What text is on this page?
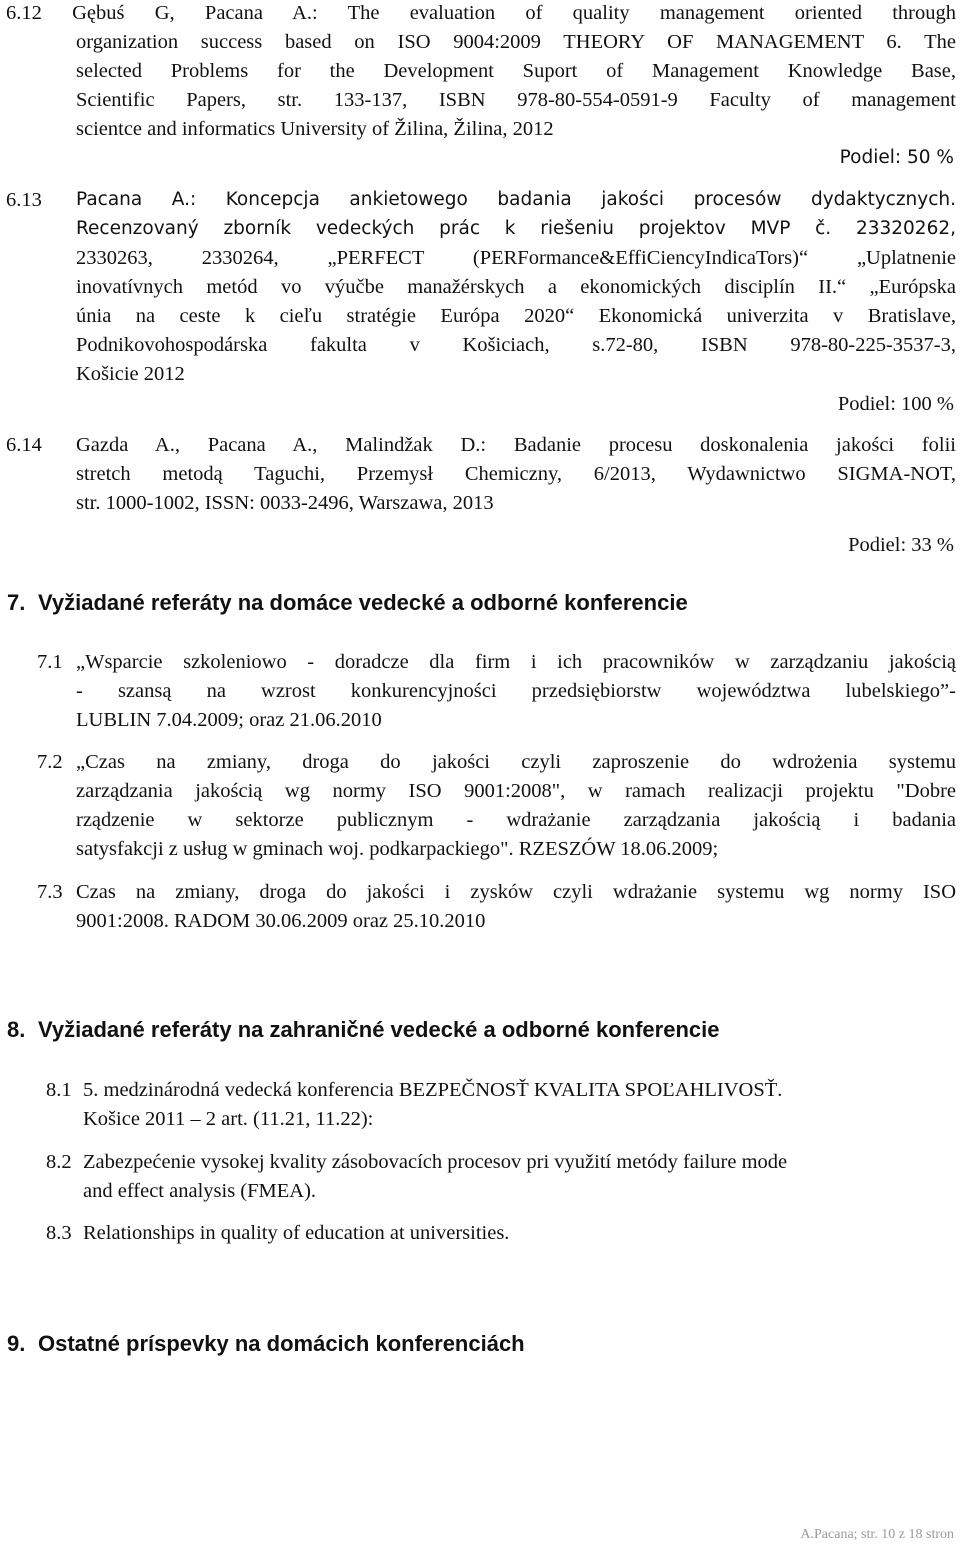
6.12 Gębuś G, Pacana A.: The evaluation of quality management oriented through
organization success based on ISO 9004:2009 THEORY OF MANAGEMENT 6. The
selected Problems for the Development Suport of Management Knowledge Base,
Scientific Papers, str. 133-137, ISBN 978-80-554-0591-9 Faculty of management
scientce and informatics University of Žilina, Žilina, 2012
Podiel: 50 %
6.13 Pacana A.: Koncepcja ankietowego badania jakości procesów dydaktycznych.
Recenzovaný zborník vedeckých prác k riešeniu projektov MVP č. 23320262,
2330263, 2330264, „PERFECT (PERFormance&EffiCiencyIndicaTors)“ „Uplatnenie
inovatívnych metód vo výučbe manažérskych a ekonomických disciplín II.“ „Európska
únia na ceste k cieľu stratégie Európa 2020“ Ekonomická univerzita v Bratislave,
Podnikovohospodárska fakulta v Košiciach, s.72-80, ISBN 978-80-225-3537-3,
Košicie 2012
Podiel: 100 %
6.14 Gazda A., Pacana A., Malindžak D.: Badanie procesu doskonalenia jakości folii
stretch metodą Taguchi, Przemysł Chemiczny, 6/2013, Wydawnictwo SIGMA-NOT,
str. 1000-1002, ISSN: 0033-2496, Warszawa, 2013
Podiel: 33 %
7. Vyžiadané referáty na domáce vedecké a odborné konferencie
7.1 „Wsparcie szkoleniowo - doradcze dla firm i ich pracowników w zarządzaniu jakością
- szansą na wzrost konkurencyjności przedsiębiorstw województwa lubelskiego”-
LUBLIN 7.04.2009; oraz 21.06.2010
7.2 „Czas na zmiany, droga do jakości czyli zaproszenie do wdrożenia systemu
zarządzania jakością wg normy ISO 9001:2008", w ramach realizacji projektu "Dobre
rządzenie w sektorze publicznym - wdrażanie zarządzania jakością i badania
satysfakcji z usług w gminach woj. podkarpackiego". RZESZÓW 18.06.2009;
7.3 Czas na zmiany, droga do jakości i zysków czyli wdrażanie systemu wg normy ISO
9001:2008. RADOM 30.06.2009 oraz 25.10.2010
8. Vyžiadané referáty na zahraničné vedecké a odborné konferencie
8.1 5. medzinárodná vedecká konferencia BEZPEČNOSŤ KVALITA SPOĽAHLIVOSŤ.
Košice 2011 – 2 art. (11.21, 11.22):
8.2 Zabezpećenie vysokej kvality zásobovacích procesov pri využití metódy failure mode
and effect analysis (FMEA).
8.3 Relationships in quality of education at universities.
9. Ostatné príspevky na domácich konferenciách
A.Pacana; str. 10 z 18 stron
